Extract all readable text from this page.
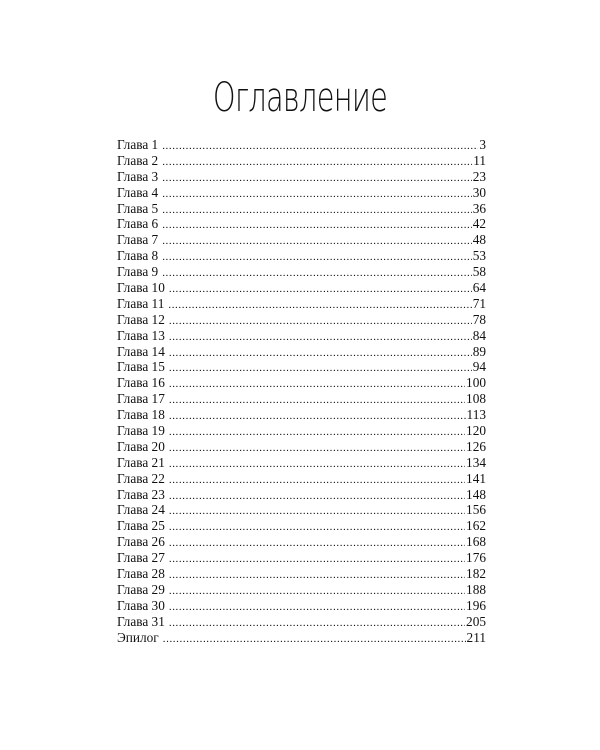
Оглавление
Глава 1 .....	3
Глава 2 .....	11
Глава 3 .....	23
Глава 4 .....	30
Глава 5 .....	36
Глава 6 .....	42
Глава 7 .....	48
Глава 8 .....	53
Глава 9 .....	58
Глава 10 .....	64
Глава 11 .....	71
Глава 12 .....	78
Глава 13 .....	84
Глава 14 .....	89
Глава 15 .....	94
Глава 16 .....	100
Глава 17 .....	108
Глава 18 .....	113
Глава 19 .....	120
Глава 20 .....	126
Глава 21 .....	134
Глава 22 .....	141
Глава 23 .....	148
Глава 24 .....	156
Глава 25 .....	162
Глава 26 .....	168
Глава 27 .....	176
Глава 28 .....	182
Глава 29 .....	188
Глава 30 .....	196
Глава 31 .....	205
Эпилог .....	211
